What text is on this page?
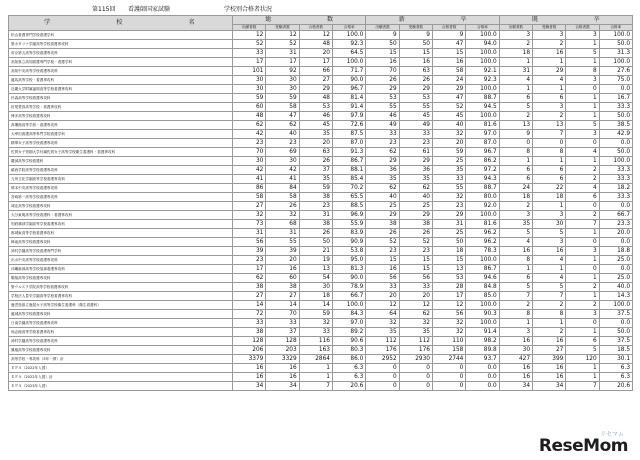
第115回 看護師国家試験	学校別合格者状況
学 校 名	総 数				新 卒				既 卒			
	出願者数	受験者数	合格者数	合格率	出願者数	受験者数	合格者数	合格率	出願者数	受験者数	合格者数	合格率
松山看護専門学校看護学科	12	12	12	100.0	9	9	9	100.0	3	3	3	100.0
聖カタリナ学園高等学校看護専攻科	52	52	48	92.3	50	50	47	94.0	2	2	1	50.0
帝京第五高等学校看護専攻科	33	31	20	64.5	15	15	15	100.0	18	16	5	31.3
高知県立高知看護専門学校・看護学科	17	17	17	100.0	16	16	16	100.0	1	1	1	100.0
高知中央高等学校看護専攻科	101	92	66	71.7	70	63	58	92.1	31	29	8	27.6
龍馬高等学校・看護専攻科	30	30	27	90.0	26	26	24	92.3	4	4	3	75.0
近畿大学附属福岡高等学校看護専攻科	30	30	29	96.7	29	29	29	100.0	1	1	0	0.0
杉森高等学校看護専攻科	59	59	48	81.4	53	53	47	88.7	6	6	1	16.7
折尾愛真高等学校・看護専攻科	60	58	53	91.4	55	55	52	94.5	5	3	1	33.3
博多高等学校看護専攻科	48	47	46	97.9	46	45	45	100.0	2	2	1	50.0
真颯館高等学校・看護専攻科	62	62	45	72.6	49	49	40	81.6	13	13	5	38.5
大牟田看護高等専門学校看護学科	42	40	35	87.5	33	33	32	97.0	9	7	3	42.9
精華女子高等学校看護専攻科	23	23	20	87.0	23	23	20	87.0	0	0	0	0.0
佐賀女子短期大学付属佐賀女子高等学校衛生看護科・看護専攻科	70	69	63	91.3	62	61	59	96.7	8	8	4	50.0
慶誠高等学校看護科	30	30	26	86.7	29	29	25	86.2	1	1	1	100.0
鎮西学院高等学校看護専攻科	42	42	37	88.1	36	36	35	97.2	6	6	2	33.3
九州文化学園高等学校看護専攻科	41	41	35	85.4	35	35	33	94.3	6	6	2	33.3
熊本中央高等学校看護専攻科	86	84	59	70.2	62	62	55	88.7	24	22	4	18.2
宮崎第一高等学校看護専攻科	58	58	38	65.5	40	40	32	80.0	18	18	6	33.3
城北高等学校看護専攻科	27	26	23	88.5	25	25	23	92.0	2	1	0	0.0
大分東明高等学校看護科・看護専攻科	32	32	31	96.9	29	29	29	100.0	3	3	2	66.7
別府溝部学園高等学校看護専攻科	73	68	38	55.9	38	38	31	81.6	35	30	7	23.3
都城東高等学校看護専攻科	31	31	26	83.9	26	26	25	96.2	5	5	1	20.0
樟南高等学校看護専攻科	56	55	50	90.9	52	52	50	96.2	4	3	0	0.0
神村学園高等学校看護専門学科	39	39	21	53.8	23	23	18	78.3	16	16	3	18.8
出水中央高等学校看護専攻科	23	20	19	95.0	15	15	15	100.0	8	4	1	25.0
沖縄新那高等学校加那看護専攻科	17	16	13	81.3	16	15	13	86.7	1	1	0	0.0
鶴翔高等学校看護専攻科	62	60	54	90.0	56	56	53	94.6	6	4	1	25.0
聖ウルスラ学院高等学校看護専攻科	38	38	30	78.9	33	33	28	84.8	5	5	2	40.0
学校法人豊栄学園高等学校看護専攻科	27	27	18	66.7	20	20	17	85.0	7	7	1	14.3
鹿児島県立鹿屋女子高等学校衛生看護科（衛生看護科）	14	14	14	100.0	12	12	12	100.0	2	2	2	100.0
龍城高等学校看護専攻科	72	70	59	84.3	64	62	56	90.3	8	8	3	37.5
日南学園高等学校看護専攻科	33	33	32	97.0	32	32	32	100.0	1	1	0	0.0
尚志館高等学校看護専攻科	38	37	33	89.2	35	35	32	91.4	3	2	1	50.0
神村学園高等学校看護専攻科	128	128	116	90.6	112	112	110	98.2	16	16	6	37.5
鳳凰高等学校看護専攻科	206	203	163	80.3	176	176	158	89.8	30	27	5	18.5
高等学校・専攻科（5年一貫）計	3379	3329	2864	86.0	2952	2930	2744	93.7	427	399	120	30.1
ＥＰＡ（2022年入国）	16	16	1	6.3	0	0	0	0.0	16	16	1	6.3
ＥＰＡ（2022年入国）計	16	16	1	6.3	0	0	0	0.0	16	16	1	6.3
ＥＰＡ（2023年入国）	34	34	7	20.6	0	0	0	0.0	34	34	7	20.6
リセマム
ReseMom
